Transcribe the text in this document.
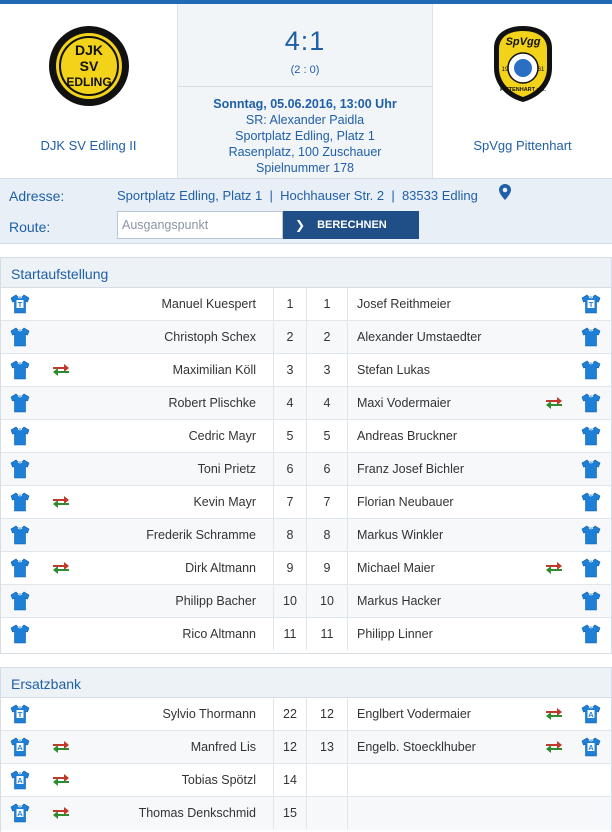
DJK
SV
EDLING
DJK SV Edling II
4:1
(2 : 0)
Sonntag, 05.06.2016, 13:00 Uhr
SR: Alexander Paidla
Sportplatz Edling, Platz 1
Rasenplatz, 100 Zuschauer
Spielnummer 178
SpVgg
19	61
PITTENHART e.V.
SpVgg Pittenhart
Adresse:	Sportplatz Edling, Platz 1  |  Hochhauser Str. 2  |  83533 Edling
Route:
Ausgangspunkt	❯ BERECHNEN
Startaufstellung
T	Manuel Kuespert	1	1	Josef Reithmeier	T
Christoph Schex	2	2	Alexander Umstaedter
Maximilian Köll	3	3	Stefan Lukas
Robert Plischke	4	4	Maxi Vodermaier
Cedric Mayr	5	5	Andreas Bruckner
Toni Prietz	6	6	Franz Josef Bichler
Kevin Mayr	7	7	Florian Neubauer
Frederik Schramme	8	8	Markus Winkler
Dirk Altmann	9	9	Michael Maier
Philipp Bacher	10	10	Markus Hacker
Rico Altmann	11	11	Philipp Linner
Ersatzbank
T	Sylvio Thormann	22	12	Englbert Vodermaier	A
A	Manfred Lis	12	13	Engelb. Stoecklhuber	A
A	Tobias Spötzl	14
A	Thomas Denkschmid	15
